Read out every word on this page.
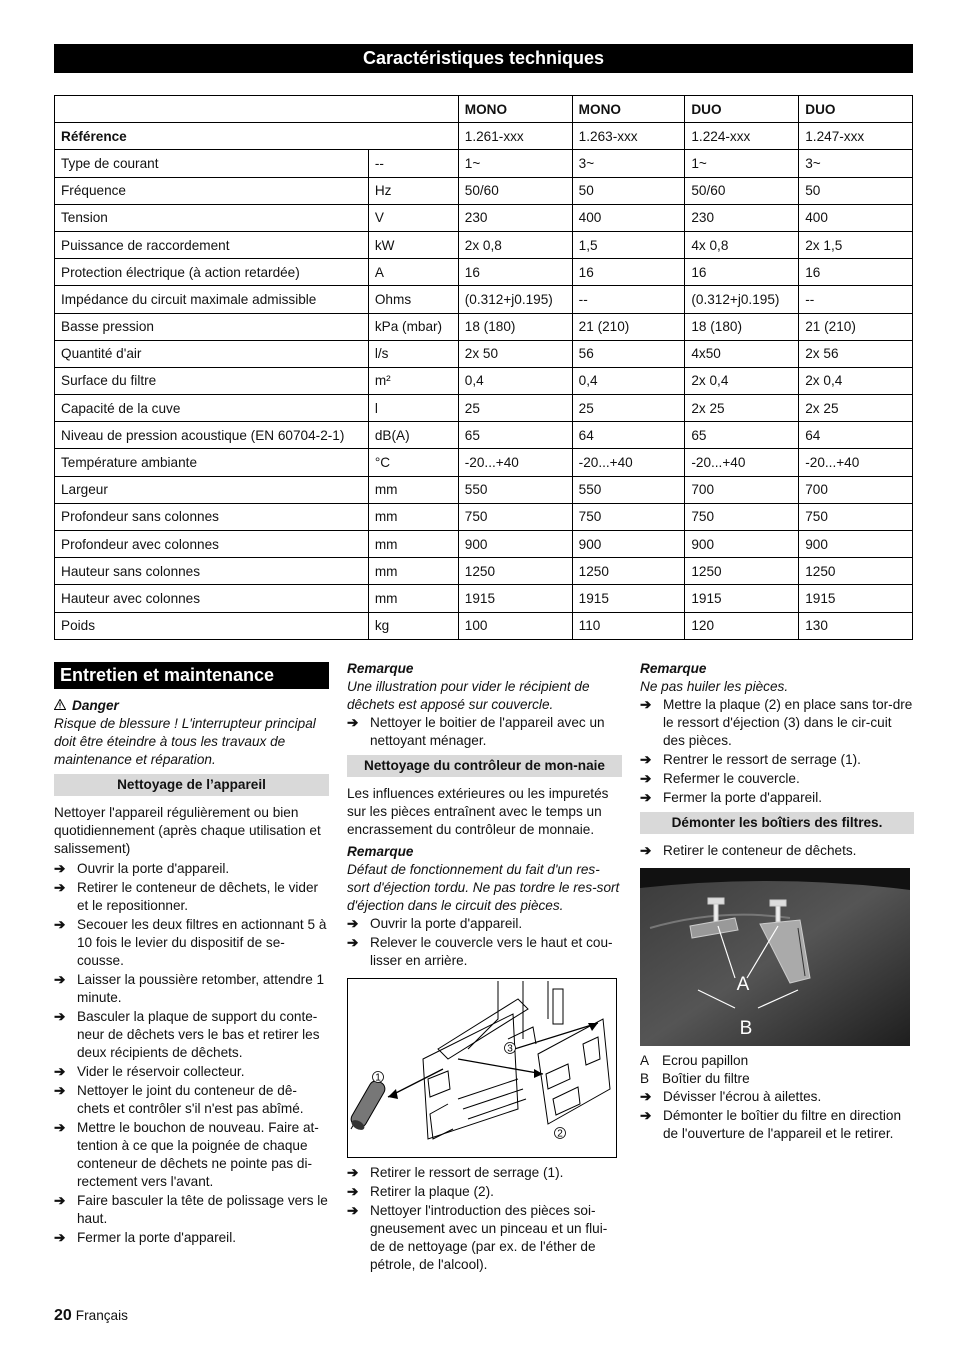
Caractéristiques techniques
		MONO	MONO	DUO	DUO
Référence		1.261-xxx	1.263-xxx	1.224-xxx	1.247-xxx
Type de courant	--	1~	3~	1~	3~
Fréquence	Hz	50/60	50	50/60	50
Tension	V	230	400	230	400
Puissance de raccordement	kW	2x 0,8	1,5	4x 0,8	2x 1,5
Protection électrique (à action retardée)	A	16	16	16	16
Impédance du circuit maximale admissible	Ohms	(0.312+j0.195)	--	(0.312+j0.195)	--
Basse pression	kPa (mbar)	18 (180)	21 (210)	18 (180)	21 (210)
Quantité d'air	l/s	2x 50	56	4x50	2x 56
Surface du filtre	m²	0,4	0,4	2x 0,4	2x 0,4
Capacité de la cuve	l	25	25	2x 25	2x 25
Niveau de pression acoustique (EN 60704-2-1)	dB(A)	65	64	65	64
Température ambiante	°C	-20...+40	-20...+40	-20...+40	-20...+40
Largeur	mm	550	550	700	700
Profondeur sans colonnes	mm	750	750	750	750
Profondeur avec colonnes	mm	900	900	900	900
Hauteur sans colonnes	mm	1250	1250	1250	1250
Hauteur avec colonnes	mm	1915	1915	1915	1915
Poids	kg	100	110	120	130
Entretien et maintenance
Danger
Risque de blessure ! L'interrupteur principal doit être éteindre à tous les travaux de maintenance et réparation.
Nettoyage de l’appareil
Nettoyer l'appareil régulièrement ou bien quotidiennement (après chaque utilisation et salissement)
➔ Ouvrir la porte d'appareil.
➔ Retirer le conteneur de dêchets, le vider et le repositionner.
➔ Secouer les deux filtres en actionnant 5 à 10 fois le levier du dispositif de se-cousse.
➔ Laisser la poussière retomber, attendre 1 minute.
➔ Basculer la plaque de support du conte-neur de dêchets vers le bas et retirer les deux récipients de dêchets.
➔ Vider le réservoir collecteur.
➔ Nettoyer le joint du conteneur de dê-chets et contrôler s'il n'est pas abîmé.
➔ Mettre le bouchon de nouveau. Faire at-tention à ce que la poignée de chaque conteneur de dêchets ne pointe pas di-rectement vers l'avant.
➔ Faire basculer la tête de polissage vers le haut.
➔ Fermer la porte d'appareil.
Remarque
Une illustration pour vider le récipient de dêchets est apposé sur couvercle.
➔ Nettoyer le boitier de l'appareil avec un nettoyant ménager.
Nettoyage du contrôleur de mon-naie
Les influences extérieures ou les impuretés sur les pièces entraînent avec le temps un encrassement du contrôleur de monnaie.
Remarque
Défaut de fonctionnement du fait d'un res-sort d'éjection tordu. Ne pas tordre le res-sort d'éjection dans le circuit des pièces.
➔ Ouvrir la porte d'appareil.
➔ Relever le couvercle vers le haut et cou-lisser en arrière.
1
2
3
➔ Retirer le ressort de serrage (1).
➔ Retirer la plaque (2).
➔ Nettoyer l'introduction des pièces soi-gneusement avec un pinceau et un flui-de de nettoyage (par ex. de l'éther de pétrole, de l'alcool).
Remarque
Ne pas huiler les pièces.
➔ Mettre la plaque (2) en place sans tor-dre le ressort d'éjection (3) dans le cir-cuit des pièces.
➔ Rentrer le ressort de serrage (1).
➔ Refermer le couvercle.
➔ Fermer la porte d'appareil.
Démonter les boîtiers des filtres.
➔ Retirer le conteneur de dêchets.
A
B
A Ecrou papillon
B Boîtier du filtre
➔ Dévisser l'écrou à ailettes.
➔ Démonter le boîtier du filtre en direction de l'ouverture de l'appareil et le retirer.
20 Français
